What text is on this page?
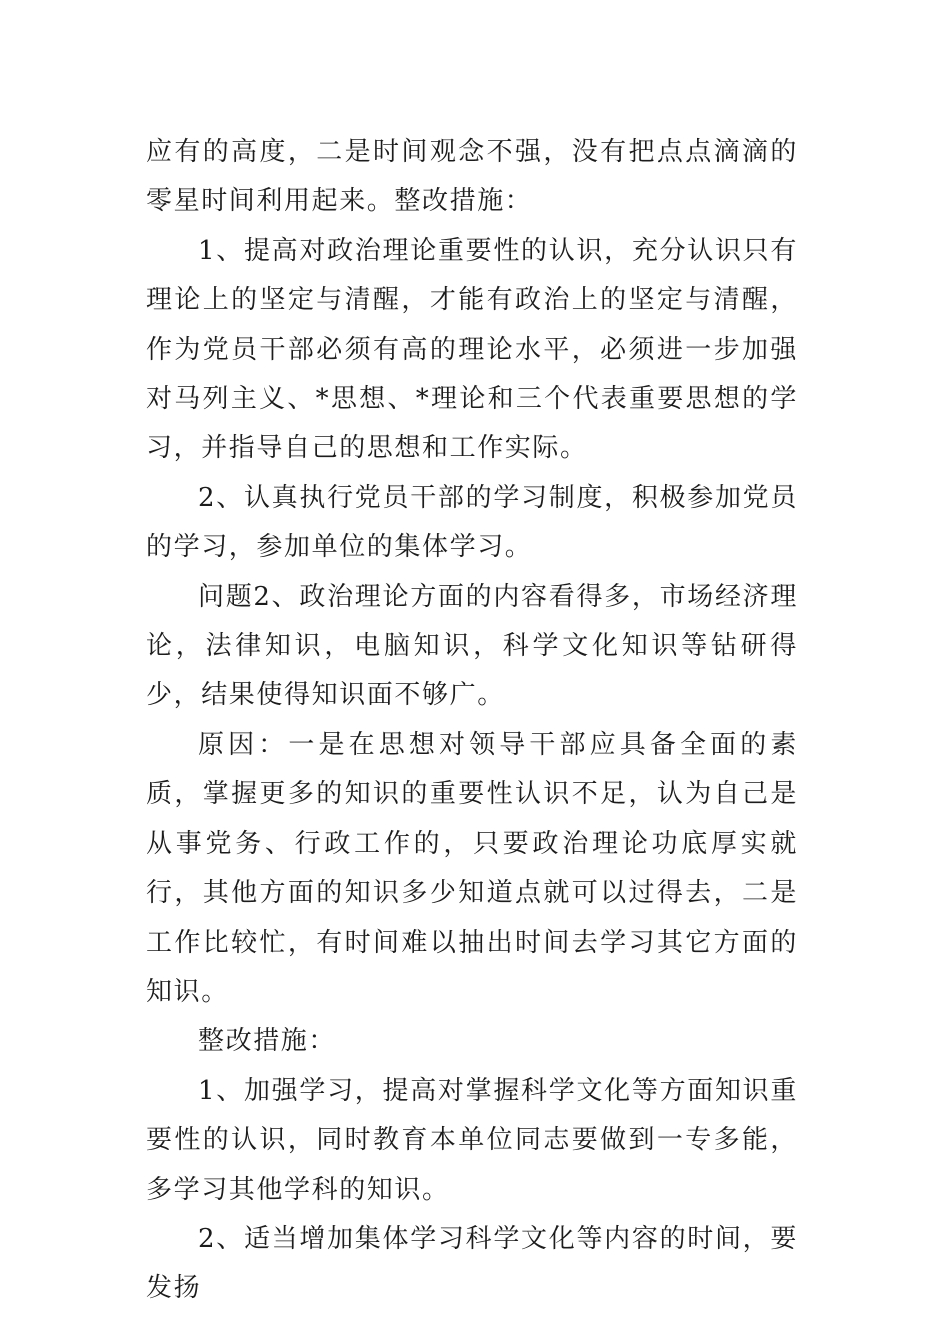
应有的高度，二是时间观念不强，没有把点点滴滴的零星时间利用起来。整改措施：

1、提高对政治理论重要性的认识，充分认识只有理论上的坚定与清醒，才能有政治上的坚定与清醒，作为党员干部必须有高的理论水平，必须进一步加强对马列主义、*思想、*理论和三个代表重要思想的学习，并指导自己的思想和工作实际。

2、认真执行党员干部的学习制度，积极参加党员的学习，参加单位的集体学习。

问题2、政治理论方面的内容看得多，市场经济理论，法律知识，电脑知识，科学文化知识等钻研得少，结果使得知识面不够广。

原因：一是在思想对领导干部应具备全面的素质，掌握更多的知识的重要性认识不足，认为自己是从事党务、行政工作的，只要政治理论功底厚实就行，其他方面的知识多少知道点就可以过得去，二是工作比较忙，有时间难以抽出时间去学习其它方面的知识。

整改措施：

1、加强学习，提高对掌握科学文化等方面知识重要性的认识，同时教育本单位同志要做到一专多能，多学习其他学科的知识。

2、适当增加集体学习科学文化等内容的时间，要发扬
